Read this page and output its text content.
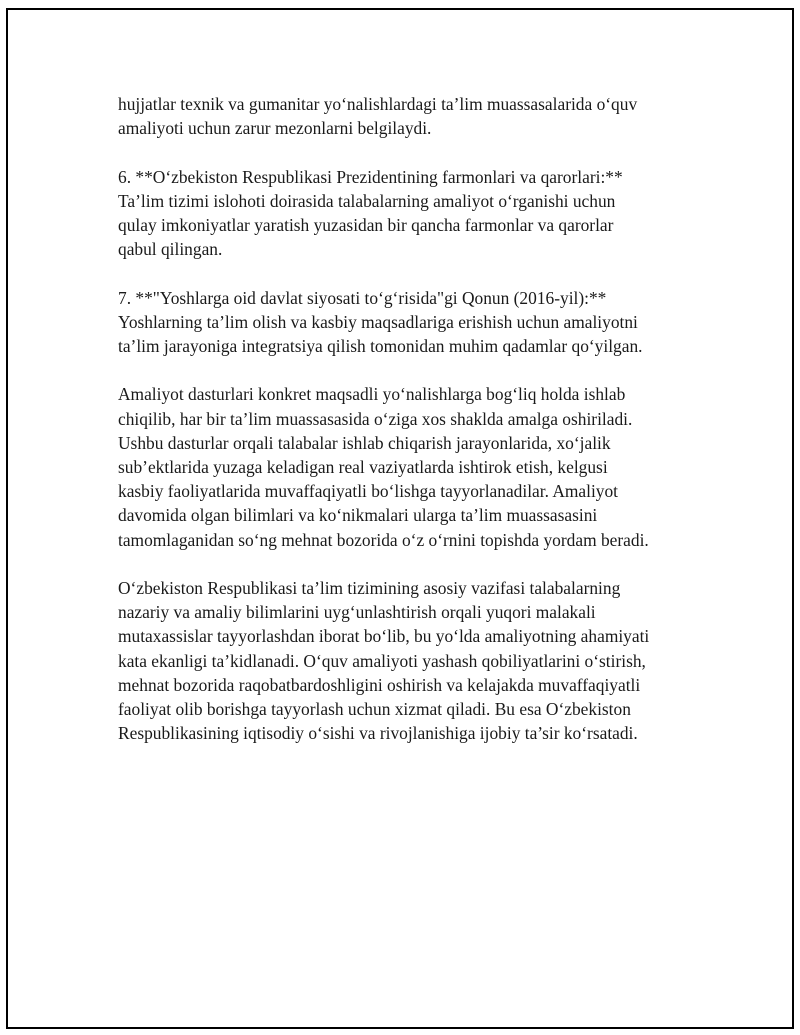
hujjatlar texnik va gumanitar yo‘nalishlardagi ta’lim muassasalarida o‘quv
amaliyoti uchun zarur mezonlarni belgilaydi.

6. **O‘zbekiston Respublikasi Prezidentining farmonlari va qarorlari:**
Ta’lim tizimi islohoti doirasida talabalarning amaliyot o‘rganishi uchun
qulay imkoniyatlar yaratish yuzasidan bir qancha farmonlar va qarorlar
qabul qilingan.

7. **"Yoshlarga oid davlat siyosati to‘g‘risida"gi Qonun (2016-yil):**
Yoshlarning ta’lim olish va kasbiy maqsadlariga erishish uchun amaliyotni
ta’lim jarayoniga integratsiya qilish tomonidan muhim qadamlar qo‘yilgan.

Amaliyot dasturlari konkret maqsadli yo‘nalishlarga bog‘liq holda ishlab
chiqilib, har bir ta’lim muassasasida o‘ziga xos shaklda amalga oshiriladi.
Ushbu dasturlar orqali talabalar ishlab chiqarish jarayonlarida, xo‘jalik
sub’ektlarida yuzaga keladigan real vaziyatlarda ishtirok etish, kelgusi
kasbiy faoliyatlarida muvaffaqiyatli bo‘lishga tayyorlanadilar. Amaliyot
davomida olgan bilimlari va ko‘nikmalari ularga ta’lim muassasasini
tamomlaganidan so‘ng mehnat bozorida o‘z o‘rnini topishda yordam beradi.

O‘zbekiston Respublikasi ta’lim tizimining asosiy vazifasi talabalarning
nazariy va amaliy bilimlarini uyg‘unlashtirish orqali yuqori malakali
mutaxassislar tayyorlashdan iborat bo‘lib, bu yo‘lda amaliyotning ahamiyati
kata ekanligi ta’kidlanadi. O‘quv amaliyoti yashash qobiliyatlarini o‘stirish,
mehnat bozorida raqobatbardoshligini oshirish va kelajakda muvaffaqiyatli
faoliyat olib borishga tayyorlash uchun xizmat qiladi. Bu esa O‘zbekiston
Respublikasining iqtisodiy o‘sishi va rivojlanishiga ijobiy ta’sir ko‘rsatadi.
